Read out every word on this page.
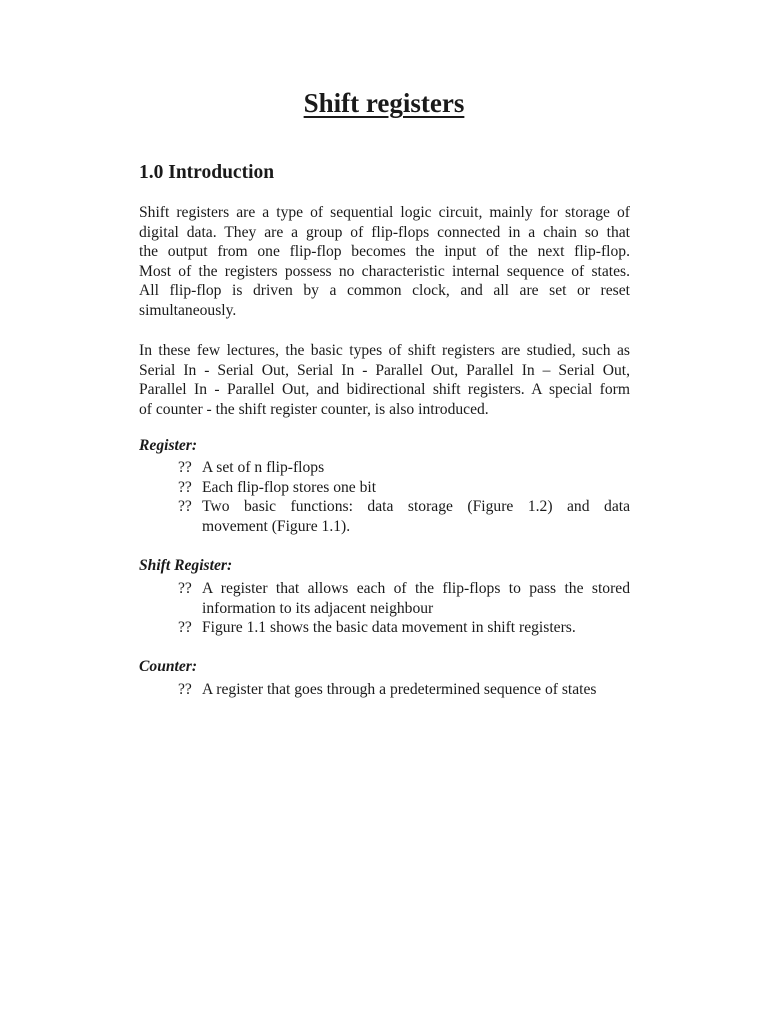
Shift registers
1.0 Introduction
Shift registers are a type of sequential logic circuit, mainly for storage of
digital data. They are a group of flip-flops connected in a chain so that
the output from one flip-flop becomes the input of the next flip-flop.
Most of the registers possess no characteristic internal sequence of states.
All flip-flop is driven by a common clock, and all are set or reset
simultaneously.
In these few lectures, the basic types of shift registers are studied, such as
Serial In - Serial Out, Serial In - Parallel Out, Parallel In – Serial Out,
Parallel In - Parallel Out, and bidirectional shift registers. A special form
of counter - the shift register counter, is also introduced.
Register:
?? A set of n flip-flops
?? Each flip-flop stores one bit
?? Two basic functions: data storage (Figure 1.2) and data
movement (Figure 1.1).
Shift Register:
?? A register that allows each of the flip-flops to pass the stored
information to its adjacent neighbour
?? Figure 1.1 shows the basic data movement in shift registers.
Counter:
?? A register that goes through a predetermined sequence of states
